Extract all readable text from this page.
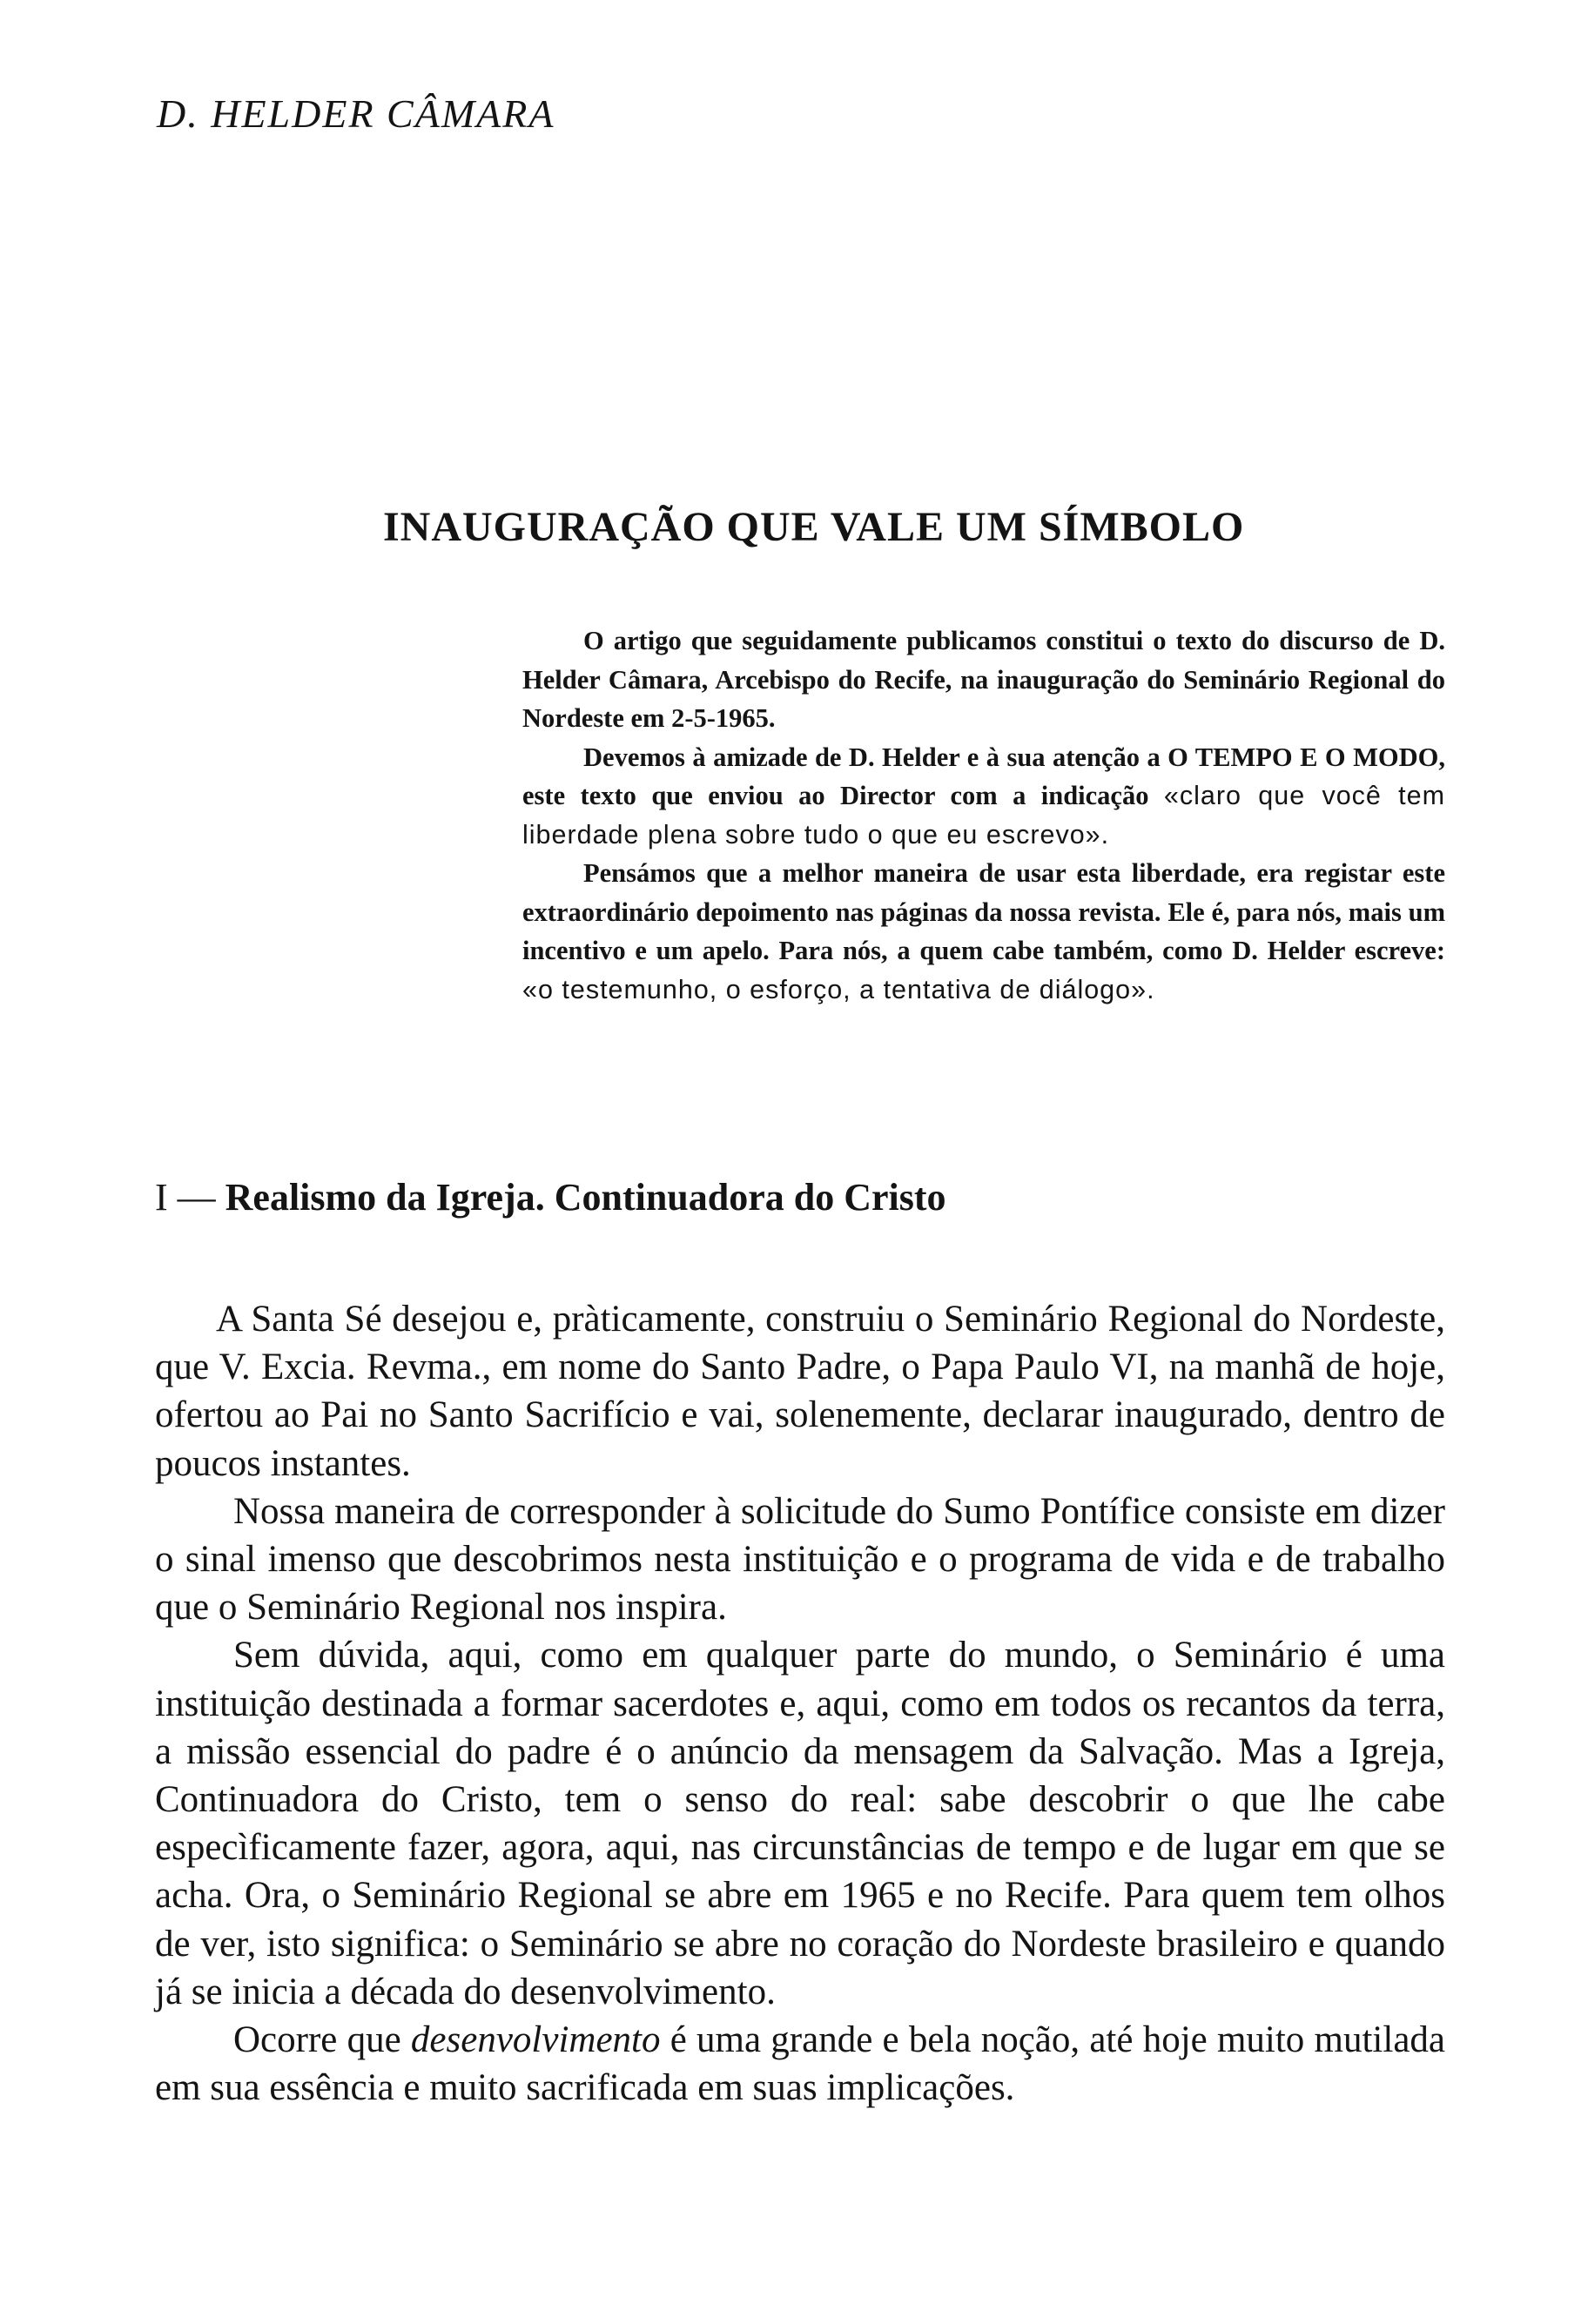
D. HELDER CÂMARA
INAUGURAÇÃO QUE VALE UM SÍMBOLO

O artigo que seguidamente publicamos constitui o texto do discurso de D. Helder Câmara, Arcebispo do Recife, na inauguração do Seminário Regional do Nordeste em 2-5-1965.

Devemos à amizade de D. Helder e à sua atenção a O TEMPO E O MODO, este texto que enviou ao Director com a indicação «claro que você tem liberdade plena sobre tudo o que eu escrevo».

Pensámos que a melhor maneira de usar esta liberdade, era registar este extraordinário depoimento nas páginas da nossa revista. Ele é, para nós, mais um incentivo e um apelo. Para nós, a quem cabe também, como D. Helder escreve: «o testemunho, o esforço, a tentativa de diálogo».

I — Realismo da Igreja. Continuadora do Cristo

A Santa Sé desejou e, pràticamente, construiu o Seminário Regional do Nordeste, que V. Excia. Revma., em nome do Santo Padre, o Papa Paulo VI, na manhã de hoje, ofertou ao Pai no Santo Sacrifício e vai, solenemente, declarar inaugurado, dentro de poucos instantes.

Nossa maneira de corresponder à solicitude do Sumo Pontífice consiste em dizer o sinal imenso que descobrimos nesta instituição e o programa de vida e de trabalho que o Seminário Regional nos inspira.

Sem dúvida, aqui, como em qualquer parte do mundo, o Seminário é uma instituição destinada a formar sacerdotes e, aqui, como em todos os recantos da terra, a missão essencial do padre é o anúncio da mensagem da Salvação. Mas a Igreja, Continuadora do Cristo, tem o senso do real: sabe descobrir o que lhe cabe especìficamente fazer, agora, aqui, nas circunstâncias de tempo e de lugar em que se acha. Ora, o Seminário Regional se abre em 1965 e no Recife. Para quem tem olhos de ver, isto significa: o Seminário se abre no coração do Nordeste brasileiro e quando já se inicia a década do desenvolvimento.

Ocorre que desenvolvimento é uma grande e bela noção, até hoje muito mutilada em sua essência e muito sacrificada em suas implicações.
